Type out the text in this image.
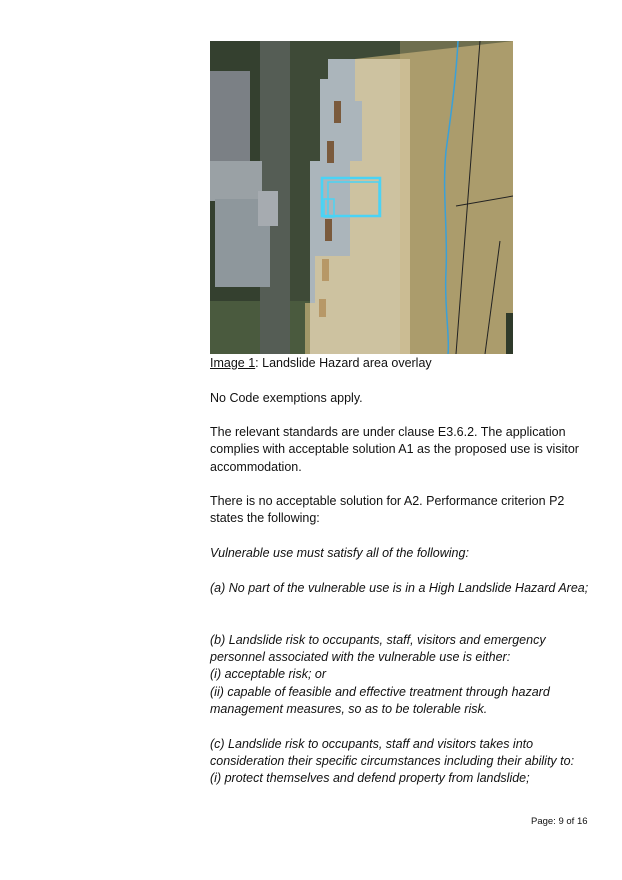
Image 1: Landslide Hazard area overlay
No Code exemptions apply.
The relevant standards are under clause E3.6.2. The application complies with acceptable solution A1 as the proposed use is visitor accommodation.
There is no acceptable solution for A2. Performance criterion P2 states the following:
Vulnerable use must satisfy all of the following:
(a) No part of the vulnerable use is in a High Landslide Hazard Area;
(b) Landslide risk to occupants, staff, visitors and emergency personnel associated with the vulnerable use is either:
(i) acceptable risk; or
(ii) capable of feasible and effective treatment through hazard management measures, so as to be tolerable risk.
(c) Landslide risk to occupants, staff and visitors takes into consideration their specific circumstances including their ability to:
(i) protect themselves and defend property from landslide;
Page: 9 of 16
